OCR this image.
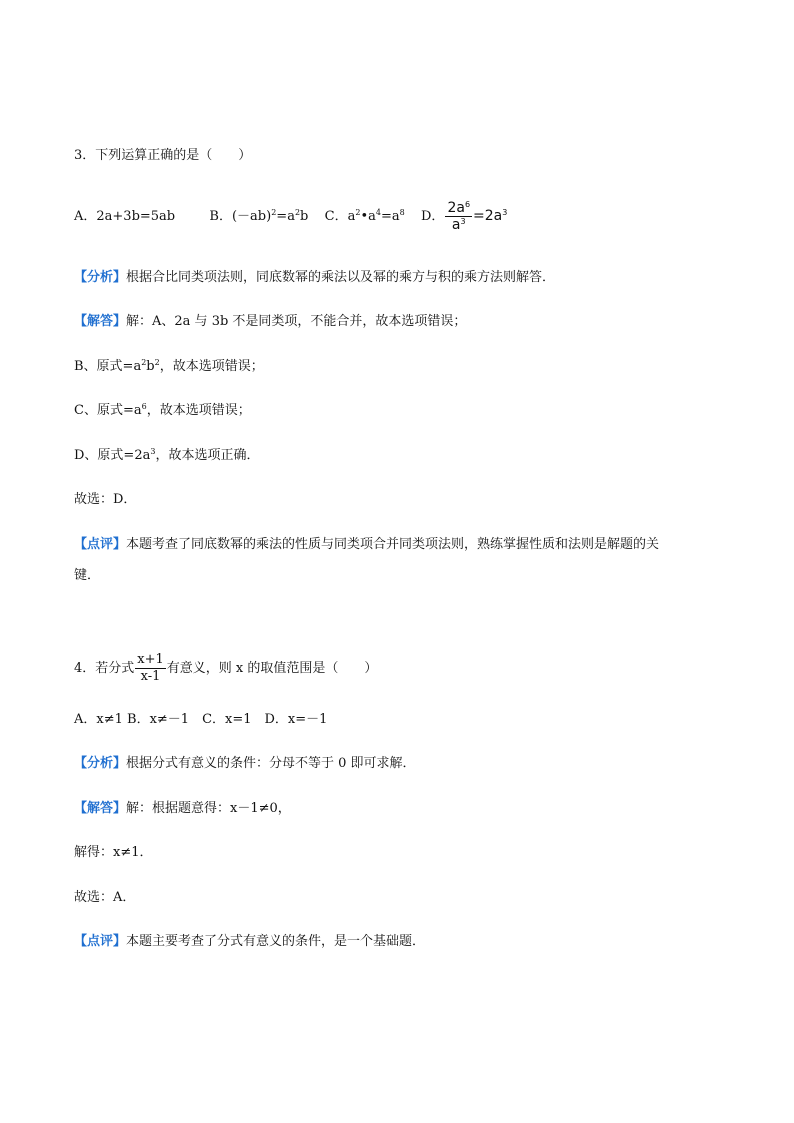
3．下列运算正确的是（　　）
A．2a+3b=5ab	B．$(-ab)^2=a^2b$ C．$a^2•a^4=a^8$ D． $\frac{2a^6}{a^3} =2a^3$
【分析】根据合比同类项法则，同底数幂的乘法以及幂的乘方与积的乘方法则解答．
【解答】解：A、2a 与 3b 不是同类项，不能合并，故本选项错误；
B、原式$=a^2b^2$，故本选项错误；
C、原式$=a^6$，故本选项错误；
D、原式$=2a^3$，故本选项正确．
故选：D．
【点评】本题考查了同底数幂的乘法的性质与同类项合并同类项法则，熟练掌握性质和法则是解题的关
键．
4．若分式 $\frac{x+1}{x-1}$ 有意义，则 x 的取值范围是（　　）
A．x≠1 B．x≠－1　C．x=1　D．x=－1
【分析】根据分式有意义的条件：分母不等于 0 即可求解．
【解答】解：根据题意得：x－1≠0，
解得：x≠1．
故选：A．
【点评】本题主要考查了分式有意义的条件，是一个基础题．
